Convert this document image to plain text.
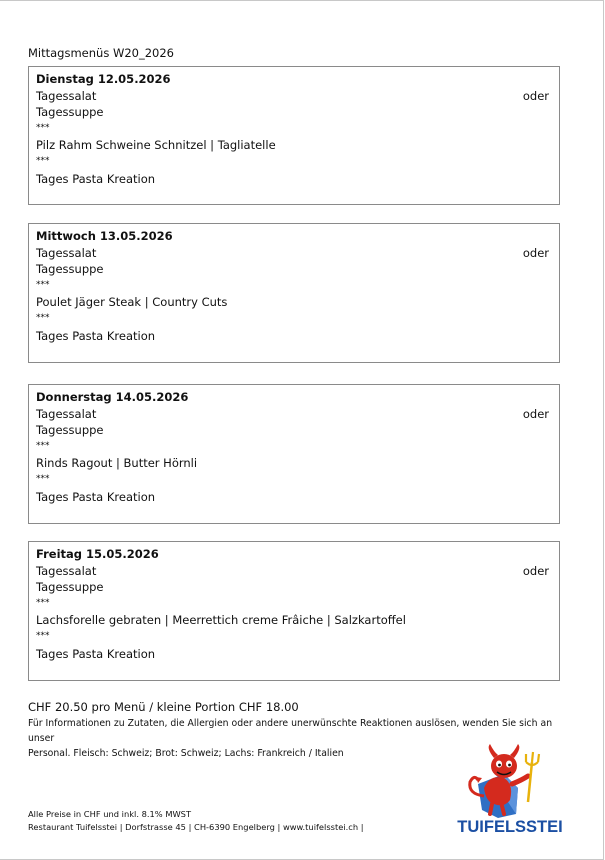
Mittagsmenüs W20_2026
Dienstag 12.05.2026
Tagessalat
Tagessuppe
***
Pilz Rahm Schweine Schnitzel | Tagliatelle
***
Tages Pasta Kreation
oder
Mittwoch 13.05.2026
Tagessalat
Tagessuppe
***
Poulet Jäger Steak | Country Cuts
***
Tages Pasta Kreation
oder
Donnerstag 14.05.2026
Tagessalat
Tagessuppe
***
Rinds Ragout | Butter Hörnli
***
Tages Pasta Kreation
oder
Freitag 15.05.2026
Tagessalat
Tagessuppe
***
Lachsforelle gebraten | Meerrettich creme Frâiche | Salzkartoffel
***
Tages Pasta Kreation
oder
CHF 20.50 pro Menü / kleine Portion CHF 18.00
Für Informationen zu Zutaten, die Allergien oder andere unerwünschte Reaktionen auslösen, wenden Sie sich an unser
Personal. Fleisch: Schweiz; Brot: Schweiz; Lachs: Frankreich / Italien
Alle Preise in CHF und inkl. 8.1% MWST
Restaurant Tuifelsstei | Dorfstrasse 45 | CH-6390 Engelberg | www.tuifelsstei.ch |	TUIFELSSTEI
